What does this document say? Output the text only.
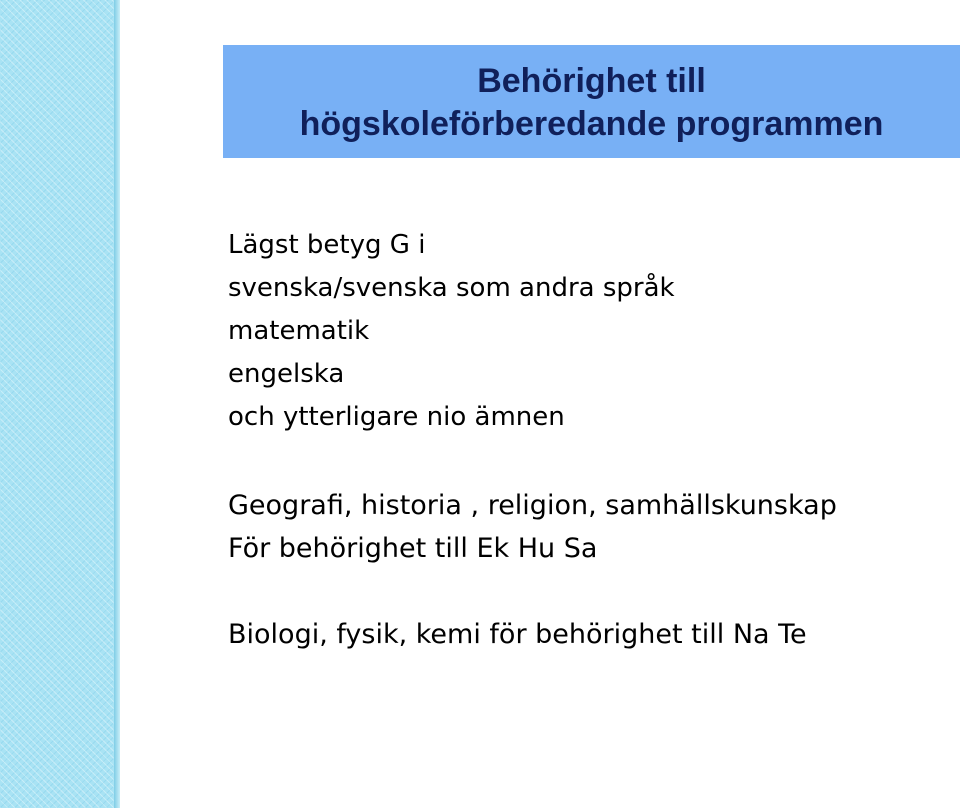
Behörighet till
högskoleförberedande programmen
Lägst betyg G i
svenska/svenska som andra språk
matematik
engelska
och ytterligare nio ämnen
Geografi, historia , religion, samhällskunskap
För behörighet till Ek Hu Sa
Biologi, fysik, kemi för behörighet till Na Te
